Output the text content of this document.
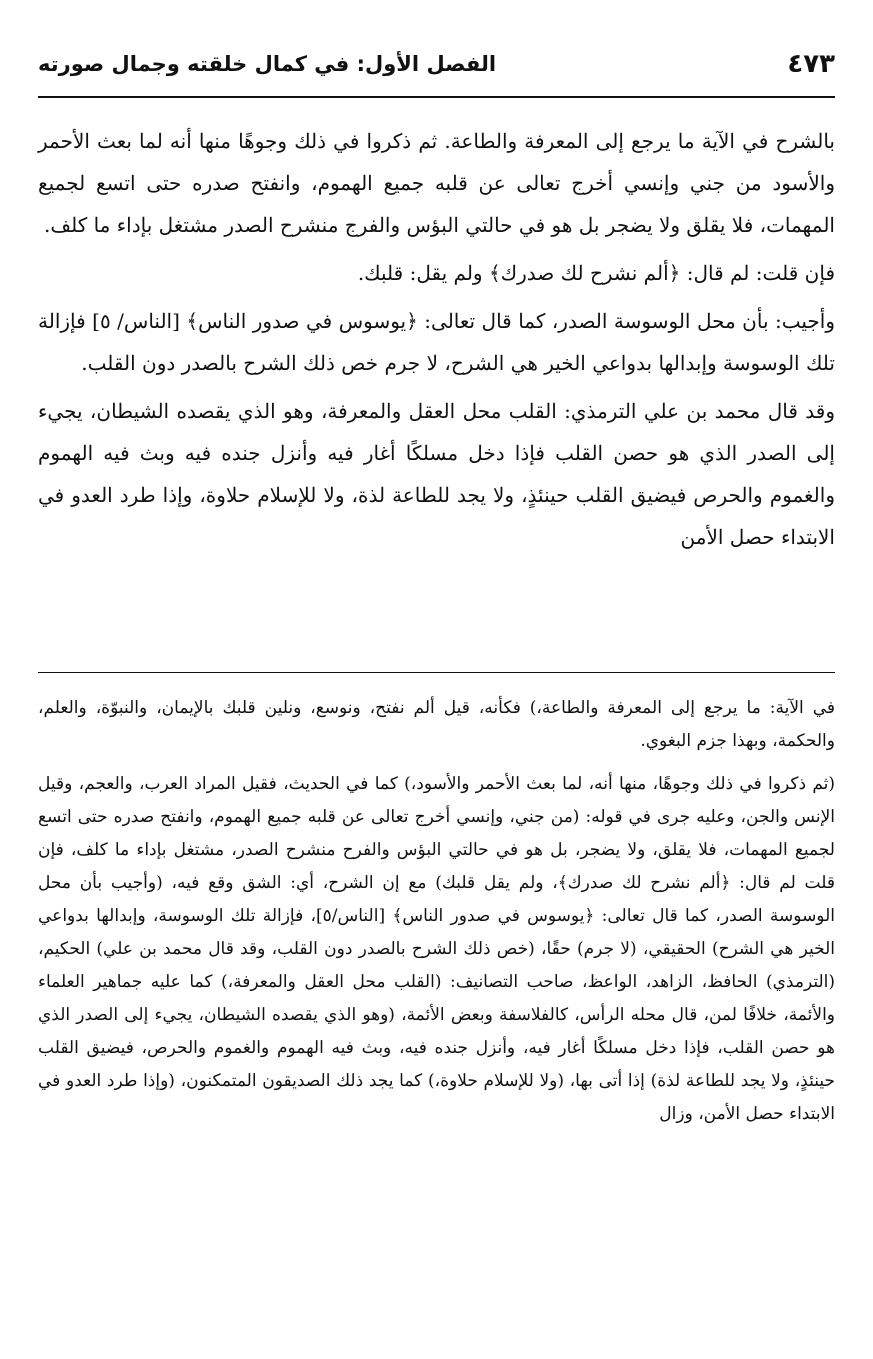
الفصل الأول: في كمال خلقته وجمال صورته	٤٧٣

بالشرح في الآية ما يرجع إلى المعرفة والطاعة. ثم ذكروا في ذلك وجوهًا منها أنه لما بعث الأحمر والأسود من جني وإنسي أخرج تعالى عن قلبه جميع الهموم، وانفتح صدره حتى اتسع لجميع المهمات، فلا يقلق ولا يضجر بل هو في حالتي البؤس والفرج منشرح الصدر مشتغل بإداء ما كلف.

فإن قلت: لم قال: ﴿ألم نشرح لك صدرك﴾ ولم يقل: قلبك.

وأجيب: بأن محل الوسوسة الصدر، كما قال تعالى: ﴿يوسوس في صدور الناس﴾ [الناس/ ٥] فإزالة تلك الوسوسة وإبدالها بدواعي الخير هي الشرح، لا جرم خص ذلك الشرح بالصدر دون القلب.

وقد قال محمد بن علي الترمذي: القلب محل العقل والمعرفة، وهو الذي يقصده الشيطان، يجيء إلى الصدر الذي هو حصن القلب فإذا دخل مسلكًا أغار فيه وأنزل جنده فيه وبث فيه الهموم والغموم والحرص فيضيق القلب حينئذٍ، ولا يجد للطاعة لذة، ولا للإسلام حلاوة، وإذا طرد العدو في الابتداء حصل الأمن

في الآية: ما يرجع إلى المعرفة والطاعة،) فكأنه، قيل ألم نفتح، ونوسع، ونلين قلبك بالإيمان، والنبوّة، والعلم، والحكمة، وبهذا جزم البغوي.

(ثم ذكروا في ذلك وجوهًا، منها أنه، لما بعث الأحمر والأسود،) كما في الحديث، فقيل المراد العرب، والعجم، وقيل الإنس والجن، وعليه جرى في قوله: (من جني، وإنسي أخرج تعالى عن قلبه جميع الهموم، وانفتح صدره حتى اتسع لجميع المهمات، فلا يقلق، ولا يضجر، بل هو في حالتي البؤس والفرح منشرح الصدر، مشتغل بإداء ما كلف، فإن قلت لم قال: ﴿ألم نشرح لك صدرك﴾، ولم يقل قلبك) مع إن الشرح، أي: الشق وقع فيه، (وأجيب بأن محل الوسوسة الصدر، كما قال تعالى: ﴿يوسوس في صدور الناس﴾ [الناس/٥]، فإزالة تلك الوسوسة، وإبدالها بدواعي الخير هي الشرح) الحقيقي، (لا جرم) حقًا، (خص ذلك الشرح بالصدر دون القلب، وقد قال محمد بن علي) الحكيم، (الترمذي) الحافظ، الزاهد، الواعظ، صاحب التصانيف: (القلب محل العقل والمعرفة،) كما عليه جماهير العلماء والأئمة، خلافًا لمن، قال محله الرأس، كالفلاسفة وبعض الأئمة، (وهو الذي يقصده الشيطان، يجيء إلى الصدر الذي هو حصن القلب، فإذا دخل مسلكًا أغار فيه، وأنزل جنده فيه، وبث فيه الهموم والغموم والحرص، فيضيق القلب حينئذٍ، ولا يجد للطاعة لذة) إذا أتى بها، (ولا للإسلام حلاوة،) كما يجد ذلك الصديقون المتمكنون، (وإذا طرد العدو في الابتداء حصل الأمن، وزال
